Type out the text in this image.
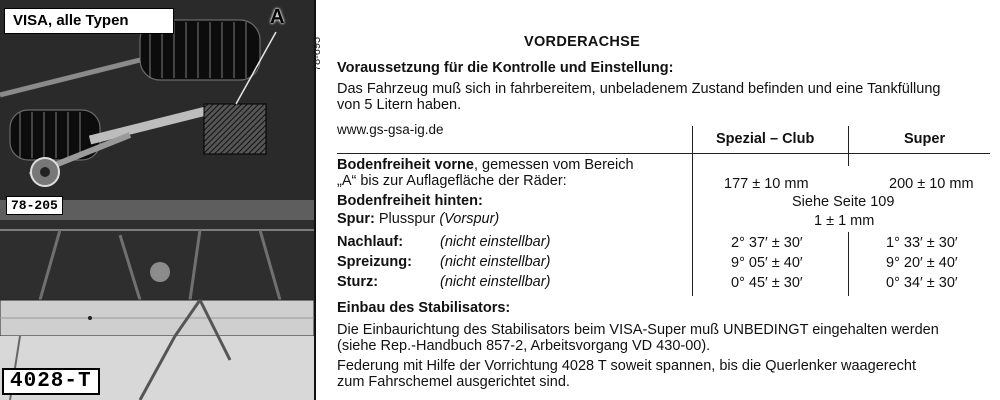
VISA, alle Typen	A
78-205
4028-T
78-695	VORDERACHSE
Voraussetzung für die Kontrolle und Einstellung:
Das Fahrzeug muß sich in fahrbereitem, unbeladenem Zustand befinden und eine Tankfüllung
von 5 Litern haben.
www.gs-gsa-ig.de
Spezial – Club	Super
Bodenfreiheit vorne, gemessen vom Bereich
„A“ bis zur Auflagefläche der Räder:	177 ± 10 mm	200 ± 10 mm
Bodenfreiheit hinten:	Siehe Seite 109
Spur: Plusspur (Vorspur)	1 ± 1 mm
Nachlauf:	(nicht einstellbar)	2° 37′ ± 30′	1° 33′ ± 30′
Spreizung: (nicht einstellbar)	9° 05′ ± 40′	9° 20′ ± 40′
Sturz:	(nicht einstellbar)	0° 45′ ± 30′	0° 34′ ± 30′
Einbau des Stabilisators:
Die Einbaurichtung des Stabilisators beim VISA-Super muß UNBEDINGT eingehalten werden
(siehe Rep.-Handbuch 857-2, Arbeitsvorgang VD 430-00).
Federung mit Hilfe der Vorrichtung 4028 T soweit spannen, bis die Querlenker waagerecht
zum Fahrschemel ausgerichtet sind.
